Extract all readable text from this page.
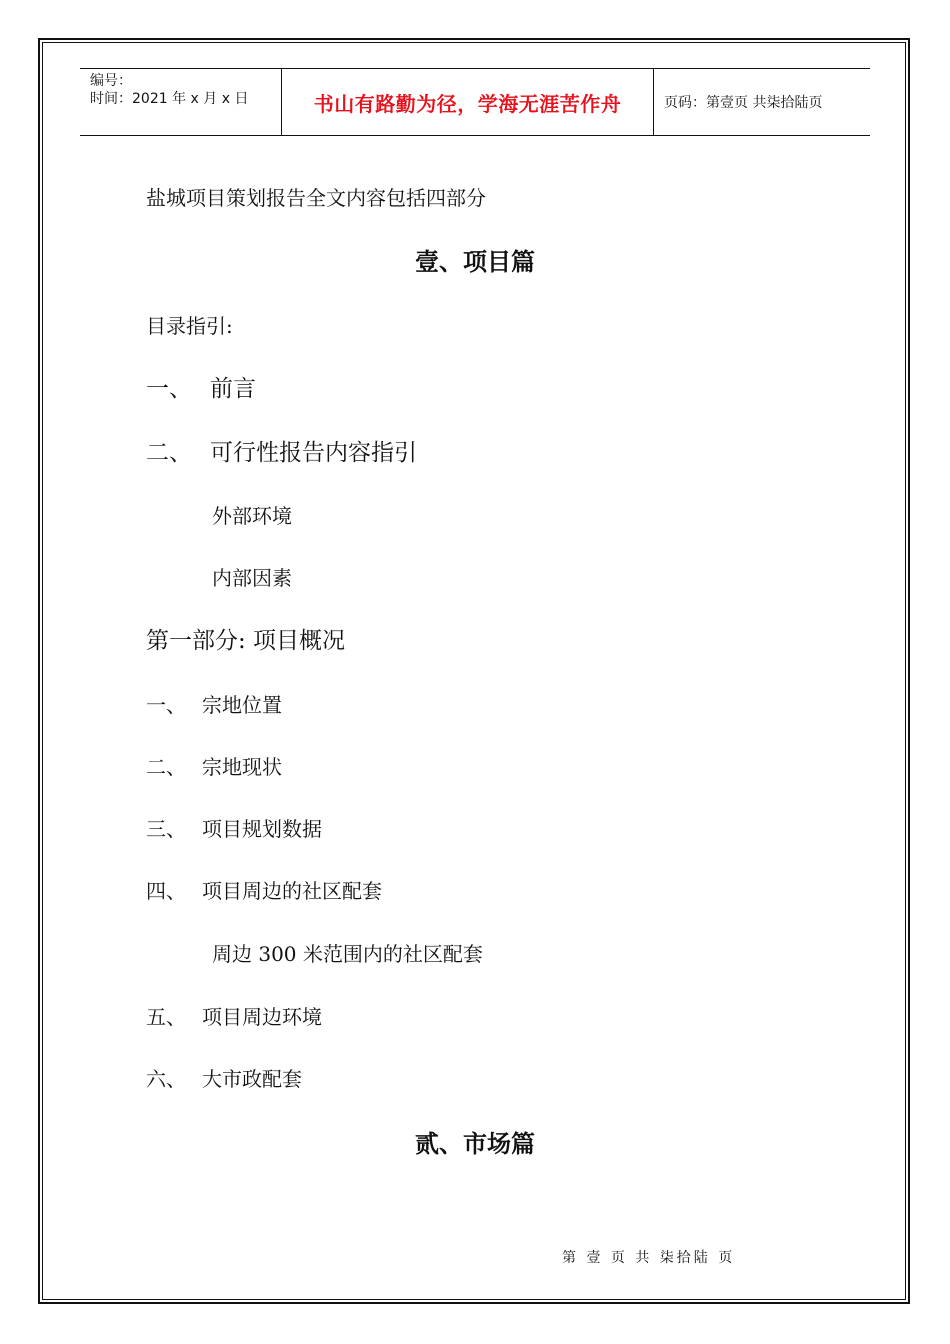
编号：
时间：2021 年 x 月 x 日	书山有路勤为径，学海无涯苦作舟	页码：第壹页 共柒拾陆页
盐城项目策划报告全文内容包括四部分
壹、项目篇
目录指引:
一、 前言
二、 可行性报告内容指引
外部环境
内部因素
第一部分: 项目概况
一、 宗地位置
二、 宗地现状
三、 项目规划数据
四、 项目周边的社区配套
周边 300 米范围内的社区配套
五、 项目周边环境
六、 大市政配套
贰、市场篇
第 壹 页 共 柒拾陆 页
